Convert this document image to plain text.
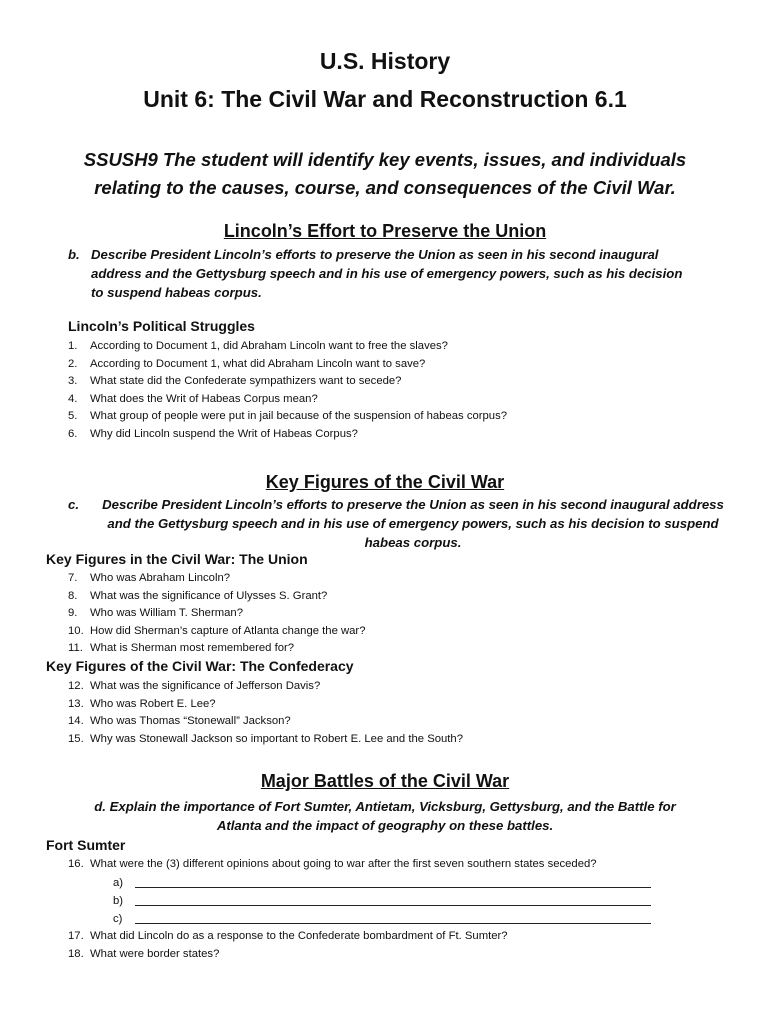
U.S. History
Unit 6: The Civil War and Reconstruction 6.1
SSUSH9 The student will identify key events, issues, and individuals
relating to the causes, course, and consequences of the Civil War.
Lincoln’s Effort to Preserve the Union
b. Describe President Lincoln’s efforts to preserve the Union as seen in his second inaugural
address and the Gettysburg speech and in his use of emergency powers, such as his decision
to suspend habeas corpus.
Lincoln’s Political Struggles
1.	According to Document 1, did Abraham Lincoln want to free the slaves?
2.	According to Document 1, what did Abraham Lincoln want to save?
3.	What state did the Confederate sympathizers want to secede?
4.	What does the Writ of Habeas Corpus mean?
5.	What group of people were put in jail because of the suspension of habeas corpus?
6.	Why did Lincoln suspend the Writ of Habeas Corpus?
Key Figures of the Civil War
c.	Describe President Lincoln’s efforts to preserve the Union as seen in his second inaugural address
and the Gettysburg speech and in his use of emergency powers, such as his decision to suspend
habeas corpus.
Key Figures in the Civil War: The Union
7.	Who was Abraham Lincoln?
8.	What was the significance of Ulysses S. Grant?
9.	Who was William T. Sherman?
10. How did Sherman’s capture of Atlanta change the war?
11. What is Sherman most remembered for?
Key Figures of the Civil War: The Confederacy
12. What was the significance of Jefferson Davis?
13. Who was Robert E. Lee?
14. Who was Thomas “Stonewall” Jackson?
15. Why was Stonewall Jackson so important to Robert E. Lee and the South?
Major Battles of the Civil War
d. Explain the importance of Fort Sumter, Antietam, Vicksburg, Gettysburg, and the Battle for
Atlanta and the impact of geography on these battles.
Fort Sumter
16. What were the (3) different opinions about going to war after the first seven southern states seceded?
a)
b)
c)
17. What did Lincoln do as a response to the Confederate bombardment of Ft. Sumter?
18. What were border states?
